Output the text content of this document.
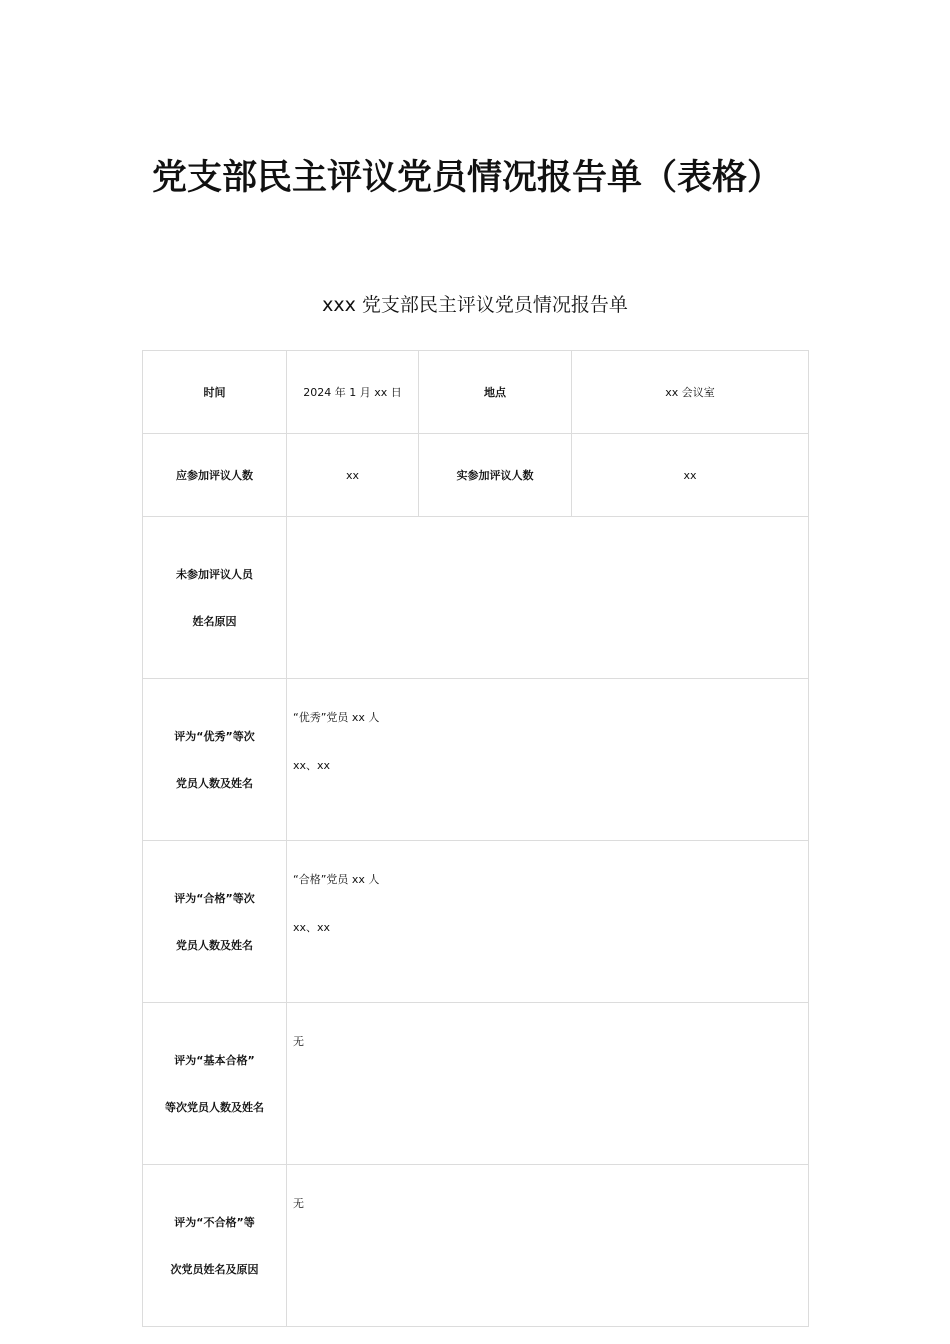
党支部民主评议党员情况报告单（表格）
xxx 党支部民主评议党员情况报告单
时间	2024 年 1 月 xx 日	地点	xx 会议室
应参加评议人数	xx	实参加评议人数	xx

未参加评议人员
姓名原因			

评为“优秀”等次
党员人数及姓名	“优秀”党员 xx 人
xx、xx		

评为“合格”等次
党员人数及姓名	“合格”党员 xx 人
xx、xx		

评为“基本合格”
等次党员人数及姓名	无		

评为“不合格”等
次党员姓名及原因	无		
